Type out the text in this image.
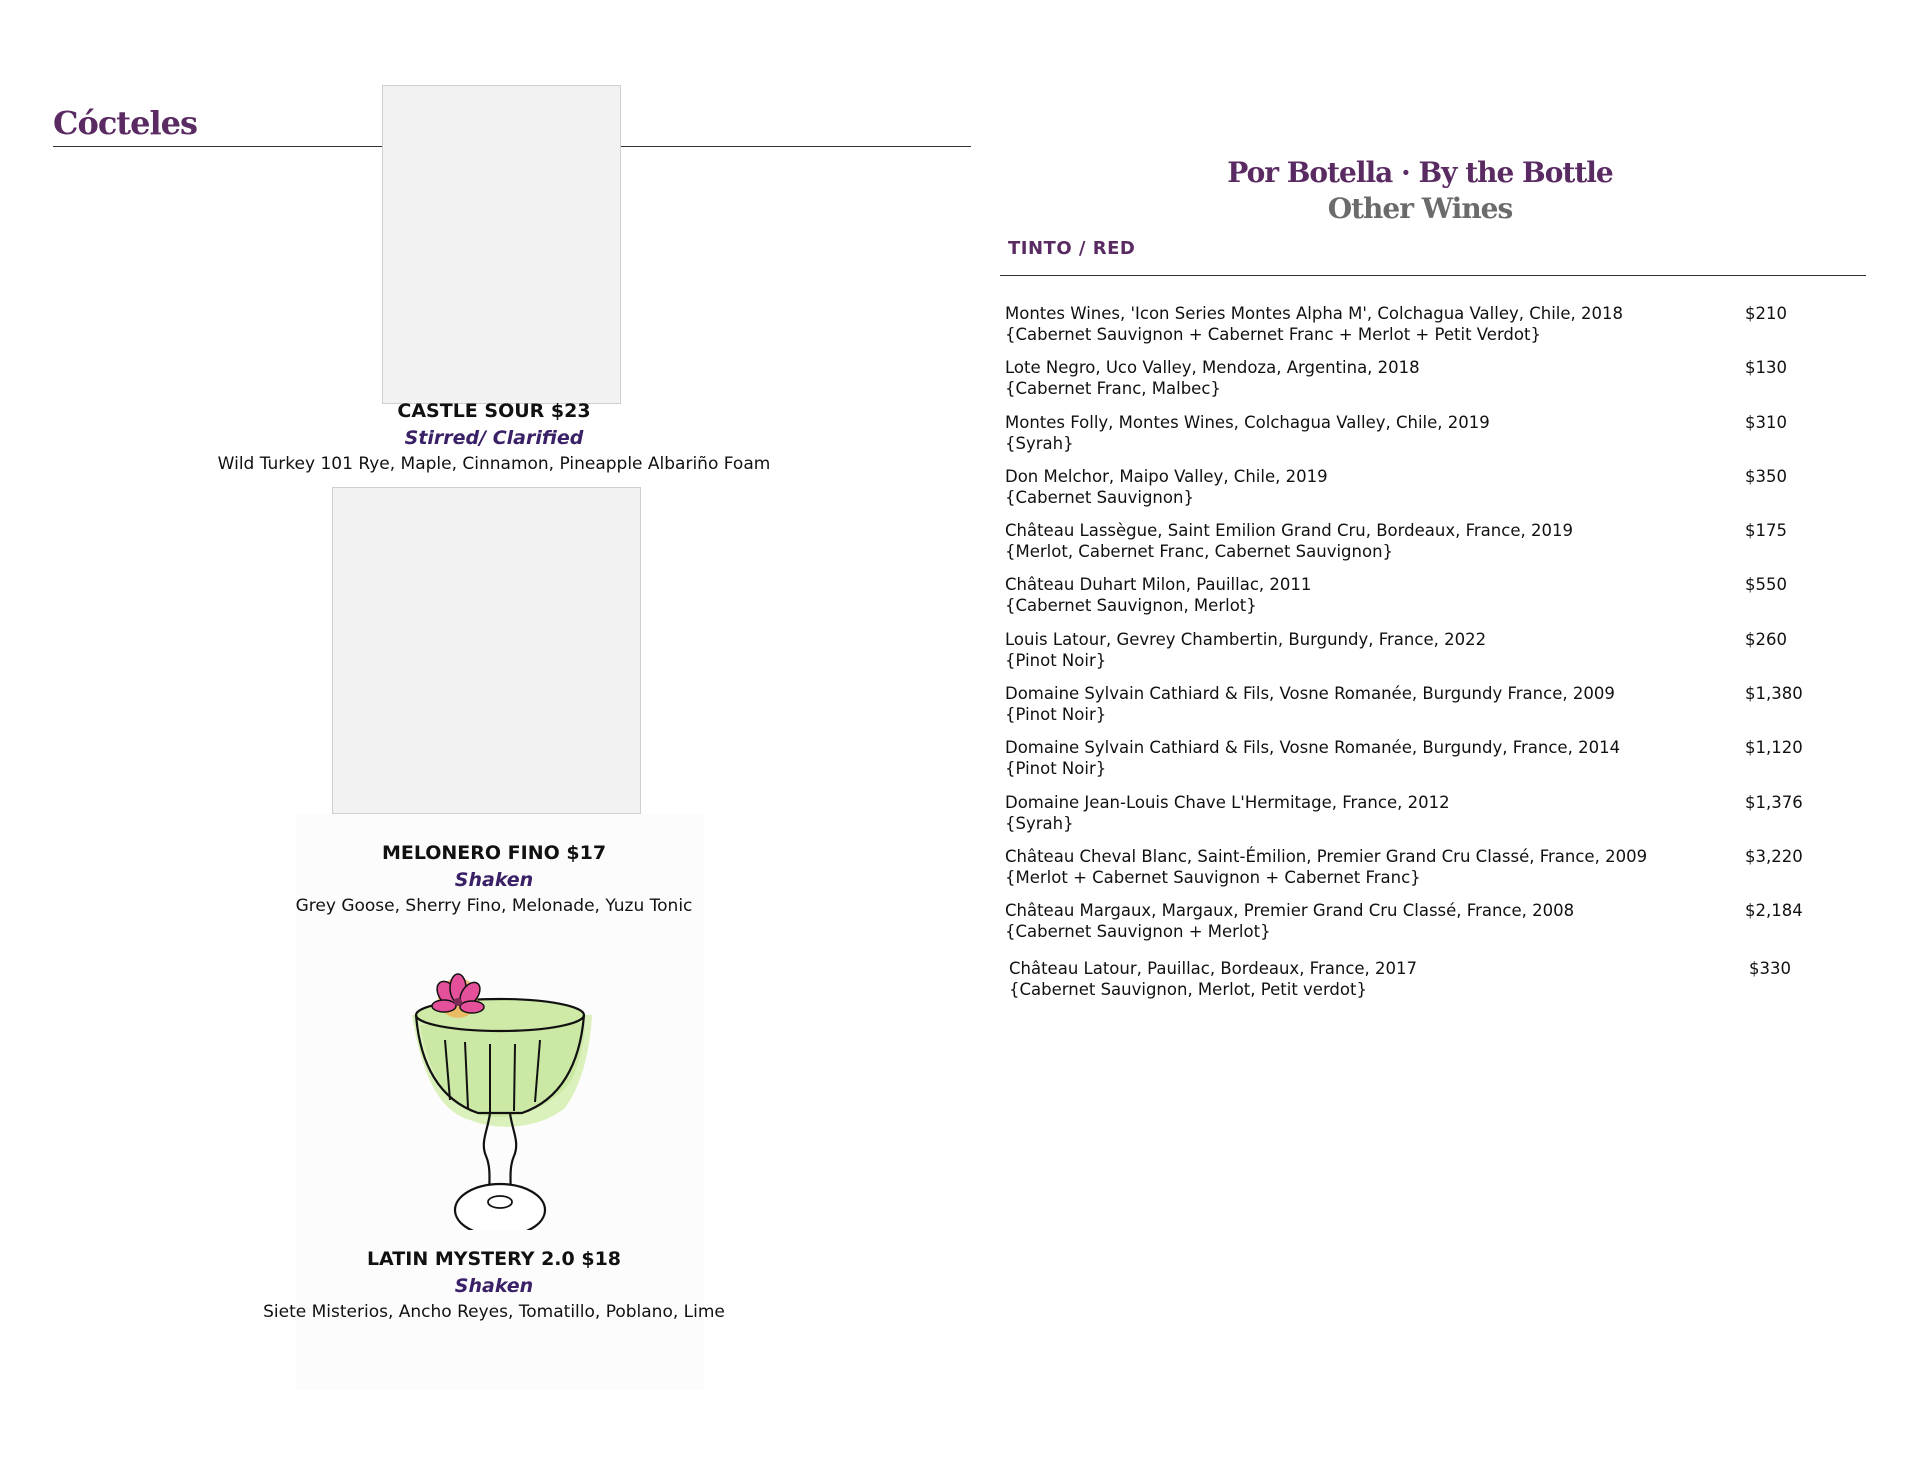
Cócteles
CASTLE SOUR $23
Stirred/ Clarified
Wild Turkey 101 Rye, Maple, Cinnamon, Pineapple Albariño Foam
MELONERO FINO $17
Shaken
Grey Goose, Sherry Fino, Melonade, Yuzu Tonic
LATIN MYSTERY 2.0 $18
Shaken
Siete Misterios, Ancho Reyes, Tomatillo, Poblano, Lime
Por Botella · By the Bottle
Other Wines
TINTO / RED
Montes Wines, 'Icon Series Montes Alpha M', Colchagua Valley, Chile, 2018
{Cabernet Sauvignon + Cabernet Franc + Merlot + Petit Verdot}
$210
Lote Negro, Uco Valley, Mendoza, Argentina, 2018
{Cabernet Franc, Malbec}
$130
Montes Folly, Montes Wines, Colchagua Valley, Chile, 2019
{Syrah}
$310
Don Melchor, Maipo Valley, Chile, 2019
{Cabernet Sauvignon}
$350
Château Lassègue, Saint Emilion Grand Cru, Bordeaux, France, 2019
{Merlot, Cabernet Franc, Cabernet Sauvignon}
$175
Château Duhart Milon, Pauillac, 2011
{Cabernet Sauvignon, Merlot}
$550
Louis Latour, Gevrey Chambertin, Burgundy, France, 2022
{Pinot Noir}
$260
Domaine Sylvain Cathiard & Fils, Vosne Romanée, Burgundy France, 2009
{Pinot Noir}
$1,380
Domaine Sylvain Cathiard & Fils, Vosne Romanée, Burgundy, France, 2014
{Pinot Noir}
$1,120
Domaine Jean-Louis Chave L'Hermitage, France, 2012
{Syrah}
$1,376
Château Cheval Blanc, Saint-Émilion, Premier Grand Cru Classé, France, 2009
{Merlot + Cabernet Sauvignon + Cabernet Franc}
$3,220
Château Margaux, Margaux, Premier Grand Cru Classé, France, 2008
{Cabernet Sauvignon + Merlot}
$2,184
Château Latour, Pauillac, Bordeaux, France, 2017
{Cabernet Sauvignon, Merlot, Petit verdot}
$330
